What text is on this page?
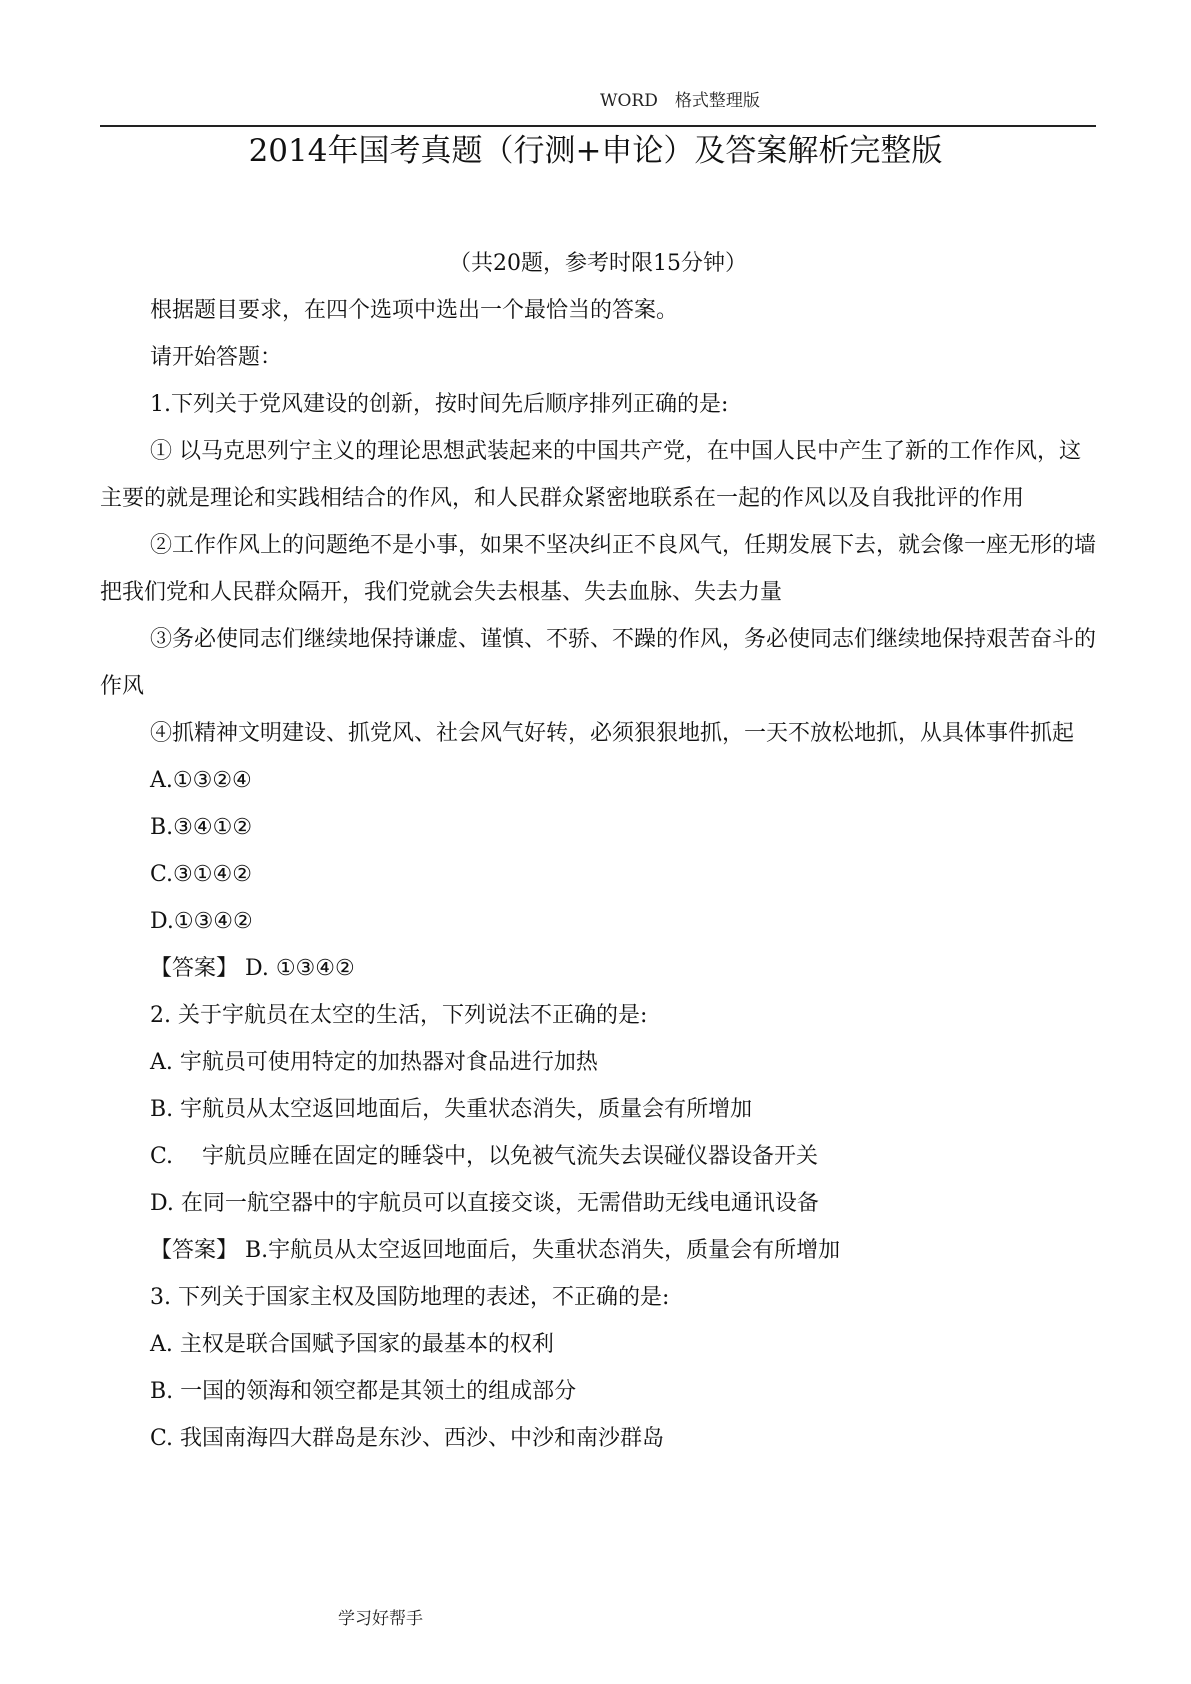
WORD　格式整理版
2014年国考真题（行测+申论）及答案解析完整版

（共20题，参考时限15分钟）

根据题目要求，在四个选项中选出一个最恰当的答案。

请开始答题：

1.下列关于党风建设的创新，按时间先后顺序排列正确的是:

① 以马克思列宁主义的理论思想武装起来的中国共产党，在中国人民中产生了新的工作作风，这主要的就是理论和实践相结合的作风，和人民群众紧密地联系在一起的作风以及自我批评的作用

②工作作风上的问题绝不是小事，如果不坚决纠正不良风气，任期发展下去，就会像一座无形的墙把我们党和人民群众隔开，我们党就会失去根基、失去血脉、失去力量

③务必使同志们继续地保持谦虚、谨慎、不骄、不躁的作风，务必使同志们继续地保持艰苦奋斗的作风

④抓精神文明建设、抓党风、社会风气好转，必须狠狠地抓，一天不放松地抓，从具体事件抓起

A.①③②④

B.③④①②

C.③①④②

D.①③④②

【答案】 D. ①③④②

2. 关于宇航员在太空的生活，下列说法不正确的是:

A. 宇航员可使用特定的加热器对食品进行加热

B. 宇航员从太空返回地面后，失重状态消失，质量会有所增加

C.　 宇航员应睡在固定的睡袋中，以免被气流失去误碰仪器设备开关

D. 在同一航空器中的宇航员可以直接交谈，无需借助无线电通讯设备

【答案】 B.宇航员从太空返回地面后，失重状态消失，质量会有所增加

3. 下列关于国家主权及国防地理的表述，不正确的是:

A. 主权是联合国赋予国家的最基本的权利

B. 一国的领海和领空都是其领土的组成部分

C. 我国南海四大群岛是东沙、西沙、中沙和南沙群岛

学习好帮手
